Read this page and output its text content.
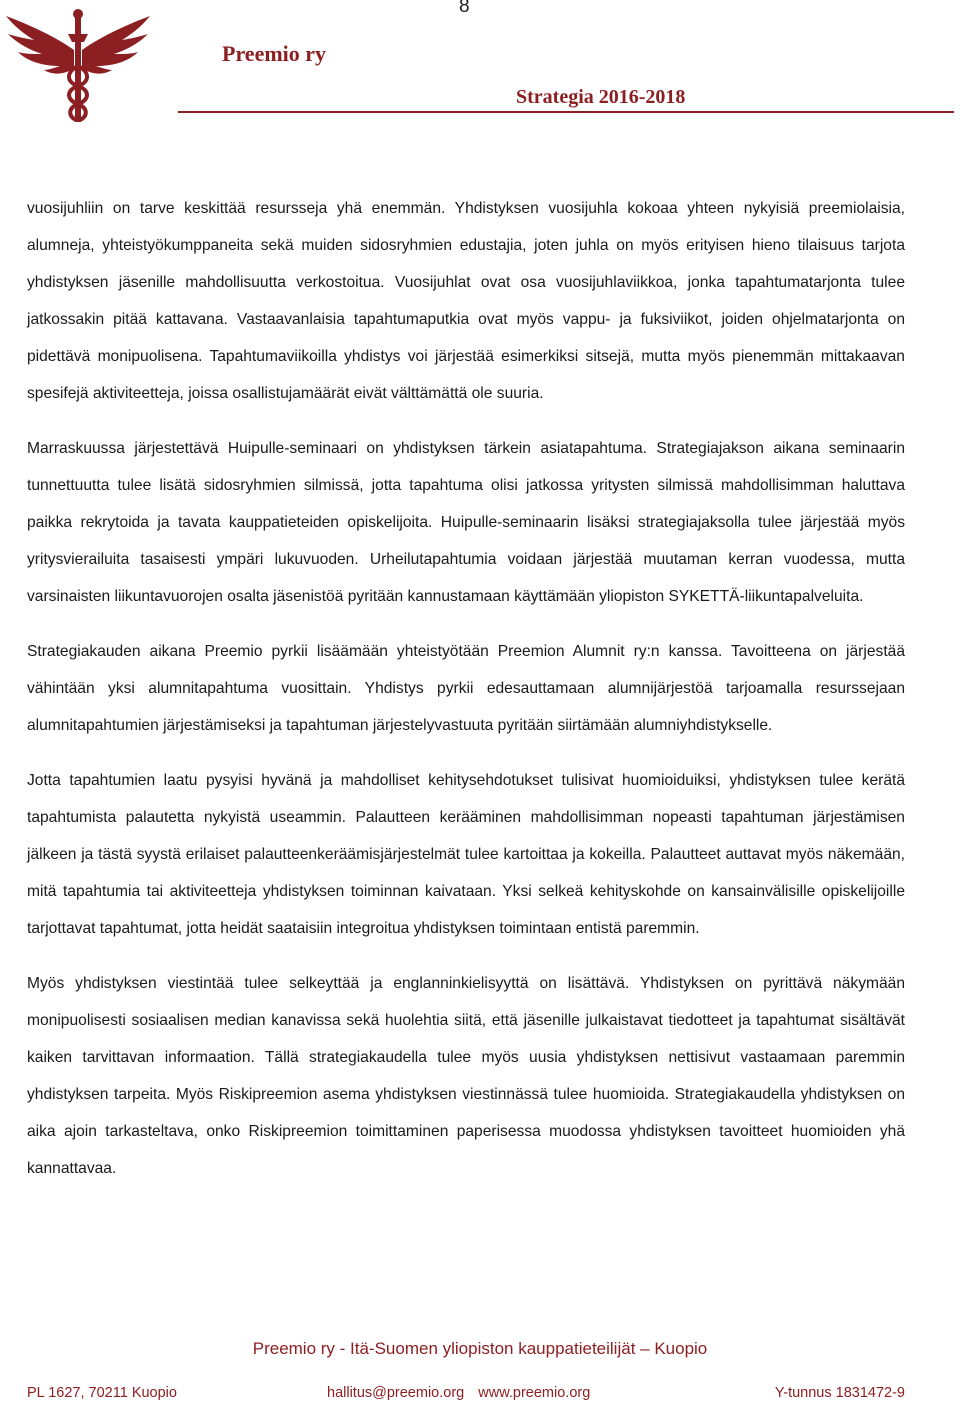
8
Preemio ry
Strategia 2016-2018

vuosijuhliin on tarve keskittää resursseja yhä enemmän. Yhdistyksen vuosijuhla kokoaa yhteen nykyisiä preemiolaisia, alumneja, yhteistyökumppaneita sekä muiden sidosryhmien edustajia, joten juhla on myös erityisen hieno tilaisuus tarjota yhdistyksen jäsenille mahdollisuutta verkostoitua. Vuosijuhlat ovat osa vuosijuhlaviikkoa, jonka tapahtumatarjonta tulee jatkossakin pitää kattavana. Vastaavanlaisia tapahtumaputkia ovat myös vappu- ja fuksiviikot, joiden ohjelmatarjonta on pidettävä monipuolisena. Tapahtumaviikoilla yhdistys voi järjestää esimerkiksi sitsejä, mutta myös pienemmän mittakaavan spesifejä aktiviteetteja, joissa osallistujamäärät eivät välttämättä ole suuria.

Marraskuussa järjestettävä Huipulle-seminaari on yhdistyksen tärkein asiatapahtuma. Strategiajakson aikana seminaarin tunnettuutta tulee lisätä sidosryhmien silmissä, jotta tapahtuma olisi jatkossa yritysten silmissä mahdollisimman haluttava paikka rekrytoida ja tavata kauppatieteiden opiskelijoita. Huipulle-seminaarin lisäksi strategiajaksolla tulee järjestää myös yritysvierailuita tasaisesti ympäri lukuvuoden. Urheilutapahtumia voidaan järjestää muutaman kerran vuodessa, mutta varsinaisten liikuntavuorojen osalta jäsenistöä pyritään kannustamaan käyttämään yliopiston SYKETTÄ-liikuntapalveluita.

Strategiakauden aikana Preemio pyrkii lisäämään yhteistyötään Preemion Alumnit ry:n kanssa. Tavoitteena on järjestää vähintään yksi alumnitapahtuma vuosittain. Yhdistys pyrkii edesauttamaan alumnijärjestöä tarjoamalla resurssejaan alumnitapahtumien järjestämiseksi ja tapahtuman järjestelyvastuuta pyritään siirtämään alumniyhdistykselle.

Jotta tapahtumien laatu pysyisi hyvänä ja mahdolliset kehitysehdotukset tulisivat huomioiduiksi, yhdistyksen tulee kerätä tapahtumista palautetta nykyistä useammin. Palautteen kerääminen mahdollisimman nopeasti tapahtuman järjestämisen jälkeen ja tästä syystä erilaiset palautteenkeräämisjärjestelmät tulee kartoittaa ja kokeilla. Palautteet auttavat myös näkemään, mitä tapahtumia tai aktiviteetteja yhdistyksen toiminnan kaivataan. Yksi selkeä kehityskohde on kansainvälisille opiskelijoille tarjottavat tapahtumat, jotta heidät saataisiin integroitua yhdistyksen toimintaan entistä paremmin.

Myös yhdistyksen viestintää tulee selkeyttää ja englanninkielisyyttä on lisättävä. Yhdistyksen on pyrittävä näkymään monipuolisesti sosiaalisen median kanavissa sekä huolehtia siitä, että jäsenille julkaistavat tiedotteet ja tapahtumat sisältävät kaiken tarvittavan informaation. Tällä strategiakaudella tulee myös uusia yhdistyksen nettisivut vastaamaan paremmin yhdistyksen tarpeita. Myös Riskipreemion asema yhdistyksen viestinnässä tulee huomioida. Strategiakaudella yhdistyksen on aika ajoin tarkasteltava, onko Riskipreemion toimittaminen paperisessa muodossa yhdistyksen tavoitteet huomioiden yhä kannattavaa.

Preemio ry - Itä-Suomen yliopiston kauppatieteilijät – Kuopio
PL 1627, 70211 Kuopio	hallitus@preemio.org www.preemio.org	Y-tunnus 1831472-9
